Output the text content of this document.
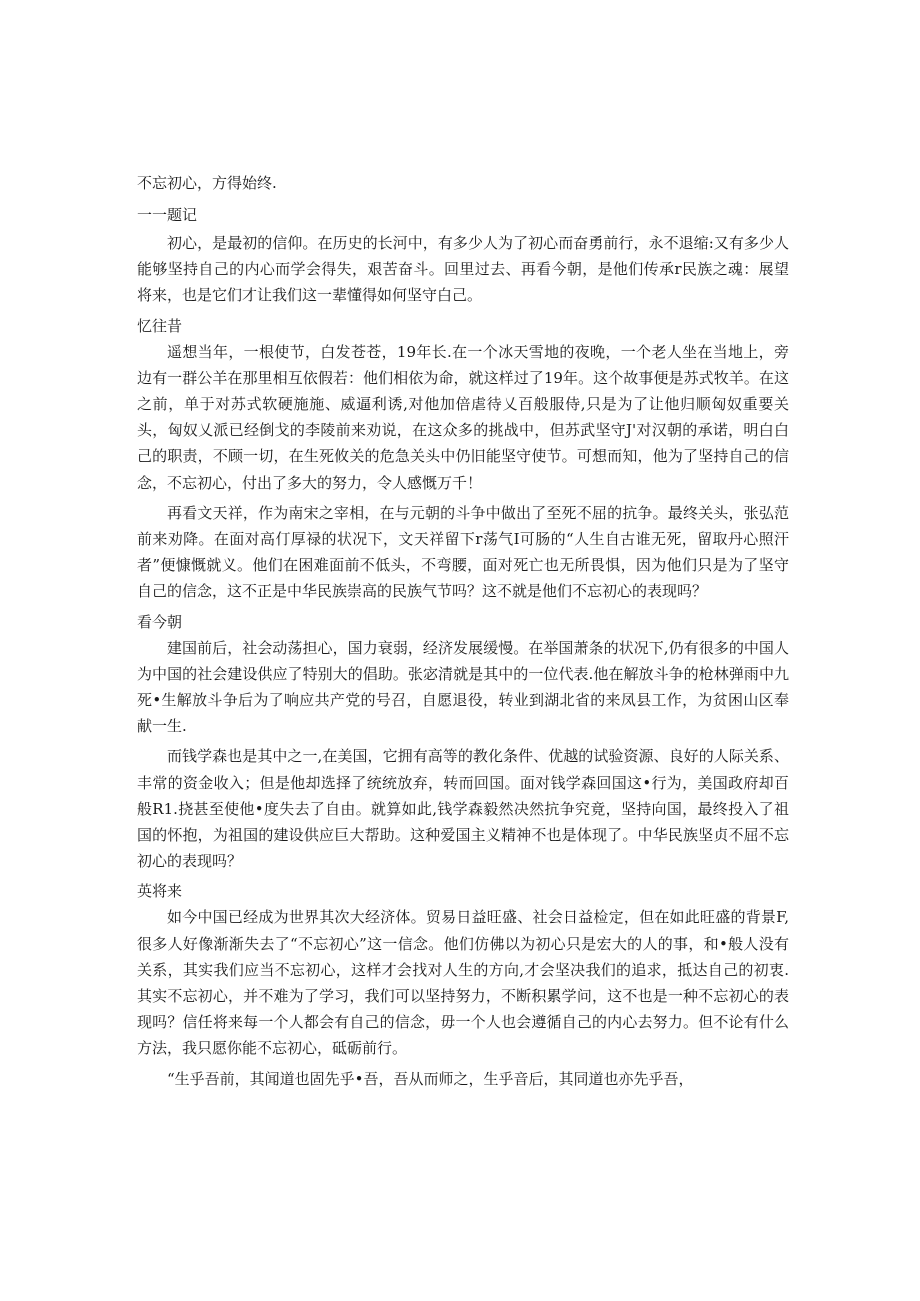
不忘初心，方得始终.

一一题记

初心，是最初的信仰。在历史的长河中，有多少人为了初心而奋勇前行，永不退缩:又有多少人能够坚持自己的内心而学会得失，艰苦奋斗。回里过去、再看今朝，是他们传承r民族之魂：展望将来，也是它们才让我们这一辈懂得如何坚守白己。

忆往昔

遥想当年，一根使节，白发苍苍，19年长.在一个冰天雪地的夜晚，一个老人坐在当地上，旁边有一群公羊在那里相互依假若：他们相依为命，就这样过了19年。这个故事便是苏式牧羊。在这之前，单于对苏式软硬施施、威逼利诱,对他加倍虐待乂百般服侍,只是为了让他归顺匈奴重要关头，匈奴乂派已经倒戈的李陵前来劝说，在这众多的挑战中，但苏武坚守J'对汉朝的承诺，明白白己的职责，不顾一切，在生死攸关的危急关头中仍旧能坚守使节。可想而知，他为了坚持自己的信念，不忘初心，付出了多大的努力，令人感慨万千！

再看文天祥，作为南宋之宰相，在与元朝的斗争中做出了至死不屈的抗争。最终关头，张弘范前来劝降。在面对高仃厚禄的状况下，文天祥留下r荡气I可肠的“人生自古谁无死，留取丹心照汗者”便慷慨就义。他们在困难面前不低头，不弯腰，面对死亡也无所畏惧，因为他们只是为了坚守自己的信念，这不正是中华民族崇高的民族气节吗？这不就是他们不忘初心的表现吗？

看今朝

建国前后，社会动荡担心，国力衰弱，经济发展缓慢。在举国萧条的状况下,仍有很多的中国人为中国的社会建设供应了特别大的倡助。张宓清就是其中的一位代表.他在解放斗争的枪林弹雨中九死•生解放斗争后为了响应共产党的号召，自愿退役，转业到湖北省的来凤县工作，为贫困山区奉献一生.

而钱学森也是其中之一,在美国，它拥有高等的教化条件、优越的试验资源、良好的人际关系、丰常的资金收入；但是他却选择了统统放弃，转而回国。面对钱学森回国这•行为，美国政府却百般R1.挠甚至使他•度失去了自由。就算如此,钱学森毅然决然抗争究竟，坚持向国，最终投入了祖国的怀抱，为祖国的建设供应巨大帮助。这种爱国主义精神不也是体现了。中华民族坚贞不屈不忘初心的表现吗？

英将来

如今中国已经成为世界其次大经济体。贸易日益旺盛、社会日益检定，但在如此旺盛的背景F,很多人好像渐渐失去了“不忘初心”这一信念。他们仿佛以为初心只是宏大的人的事，和•般人没有关系，其实我们应当不忘初心，这样才会找对人生的方向,才会坚决我们的追求，抵达自己的初衷.其实不忘初心，并不难为了学习，我们可以坚持努力，不断积累学问，这不也是一种不忘初心的表现吗？信任将来每一个人都会有自己的信念，毋一个人也会遵循自己的内心去努力。但不论有什么方法，我只愿你能不忘初心，砥砺前行。

“生乎吾前，其闻道也固先乎•吾，吾从而师之，生乎音后，其同道也亦先乎吾，
